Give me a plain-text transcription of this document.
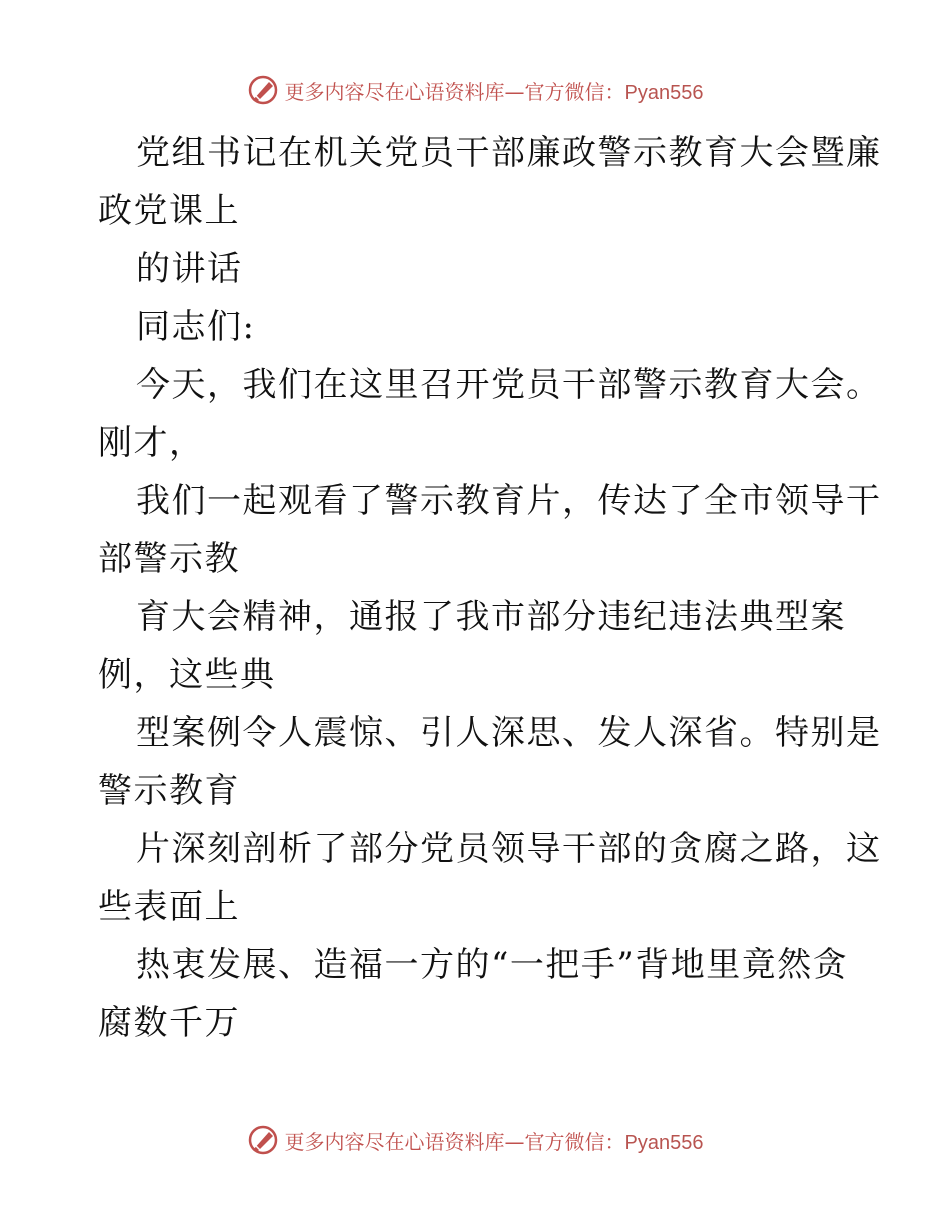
更多内容尽在心语资料库—官方微信：Pyan556
党组书记在机关党员干部廉政警示教育大会暨廉
政党课上
的讲话
同志们:
今天，我们在这里召开党员干部警示教育大会。
刚才，
我们一起观看了警示教育片，传达了全市领导干
部警示教
育大会精神，通报了我市部分违纪违法典型案
例，这些典
型案例令人震惊、引人深思、发人深省。特别是
警示教育
片深刻剖析了部分党员领导干部的贪腐之路，这
些表面上
热衷发展、造福一方的“一把手”背地里竟然贪
腐数千万
更多内容尽在心语资料库—官方微信：Pyan556
